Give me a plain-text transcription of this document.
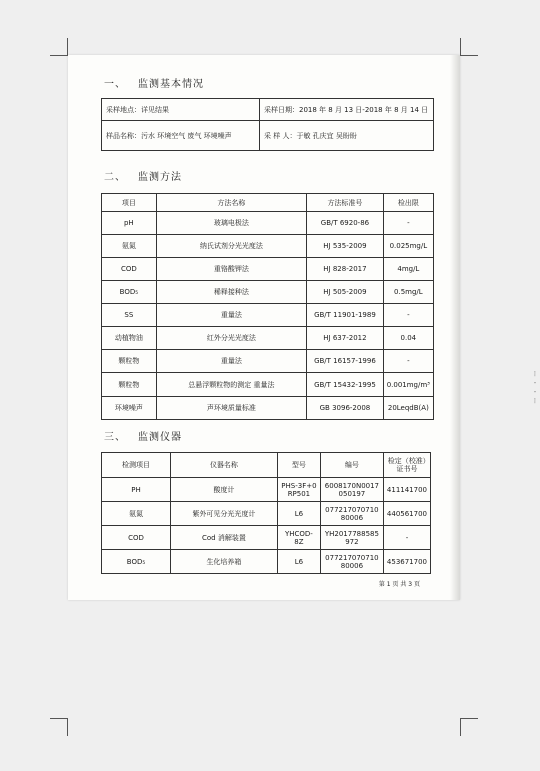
一、 监测基本情况
采样地点：详见结果	采样日期：2018 年 8 月 13 日-2018 年 8 月 14 日
样品名称：污水 环境空气 废气 环境噪声	采 样 人：于敏 孔庆宜 吴盼盼
二、 监测方法
项目	方法名称	方法标准号	检出限
pH	玻璃电极法	GB/T 6920-86	-
氨氮	纳氏试剂分光光度法	HJ 535-2009	0.025mg/L
COD	重铬酸钾法	HJ 828-2017	4mg/L
BOD₅	稀释接种法	HJ 505-2009	0.5mg/L
SS	重量法	GB/T 11901-1989	-
动植物油	红外分光光度法	HJ 637-2012	0.04
颗粒物	重量法	GB/T 16157-1996	-
颗粒物	总悬浮颗粒物的测定 重量法	GB/T 15432-1995	0.001mg/m³
环境噪声	声环境质量标准	GB 3096-2008	20LeqdB(A)
三、 监测仪器
检测项目	仪器名称	型号	编号	检定（校准）证书号
PH	酸度计	PHS-3F+0RP501	6008170N0017050197	411141700
氨氮	紫外可见分光光度计	L6	07721707071080006	440561700
COD	Cod 消解装置	YHCOD-8Z	YH2017788585972	-
BOD₅	生化培养箱	L6	07721707071080006	453671700
第 1 页 共 3 页
ー・・ー
